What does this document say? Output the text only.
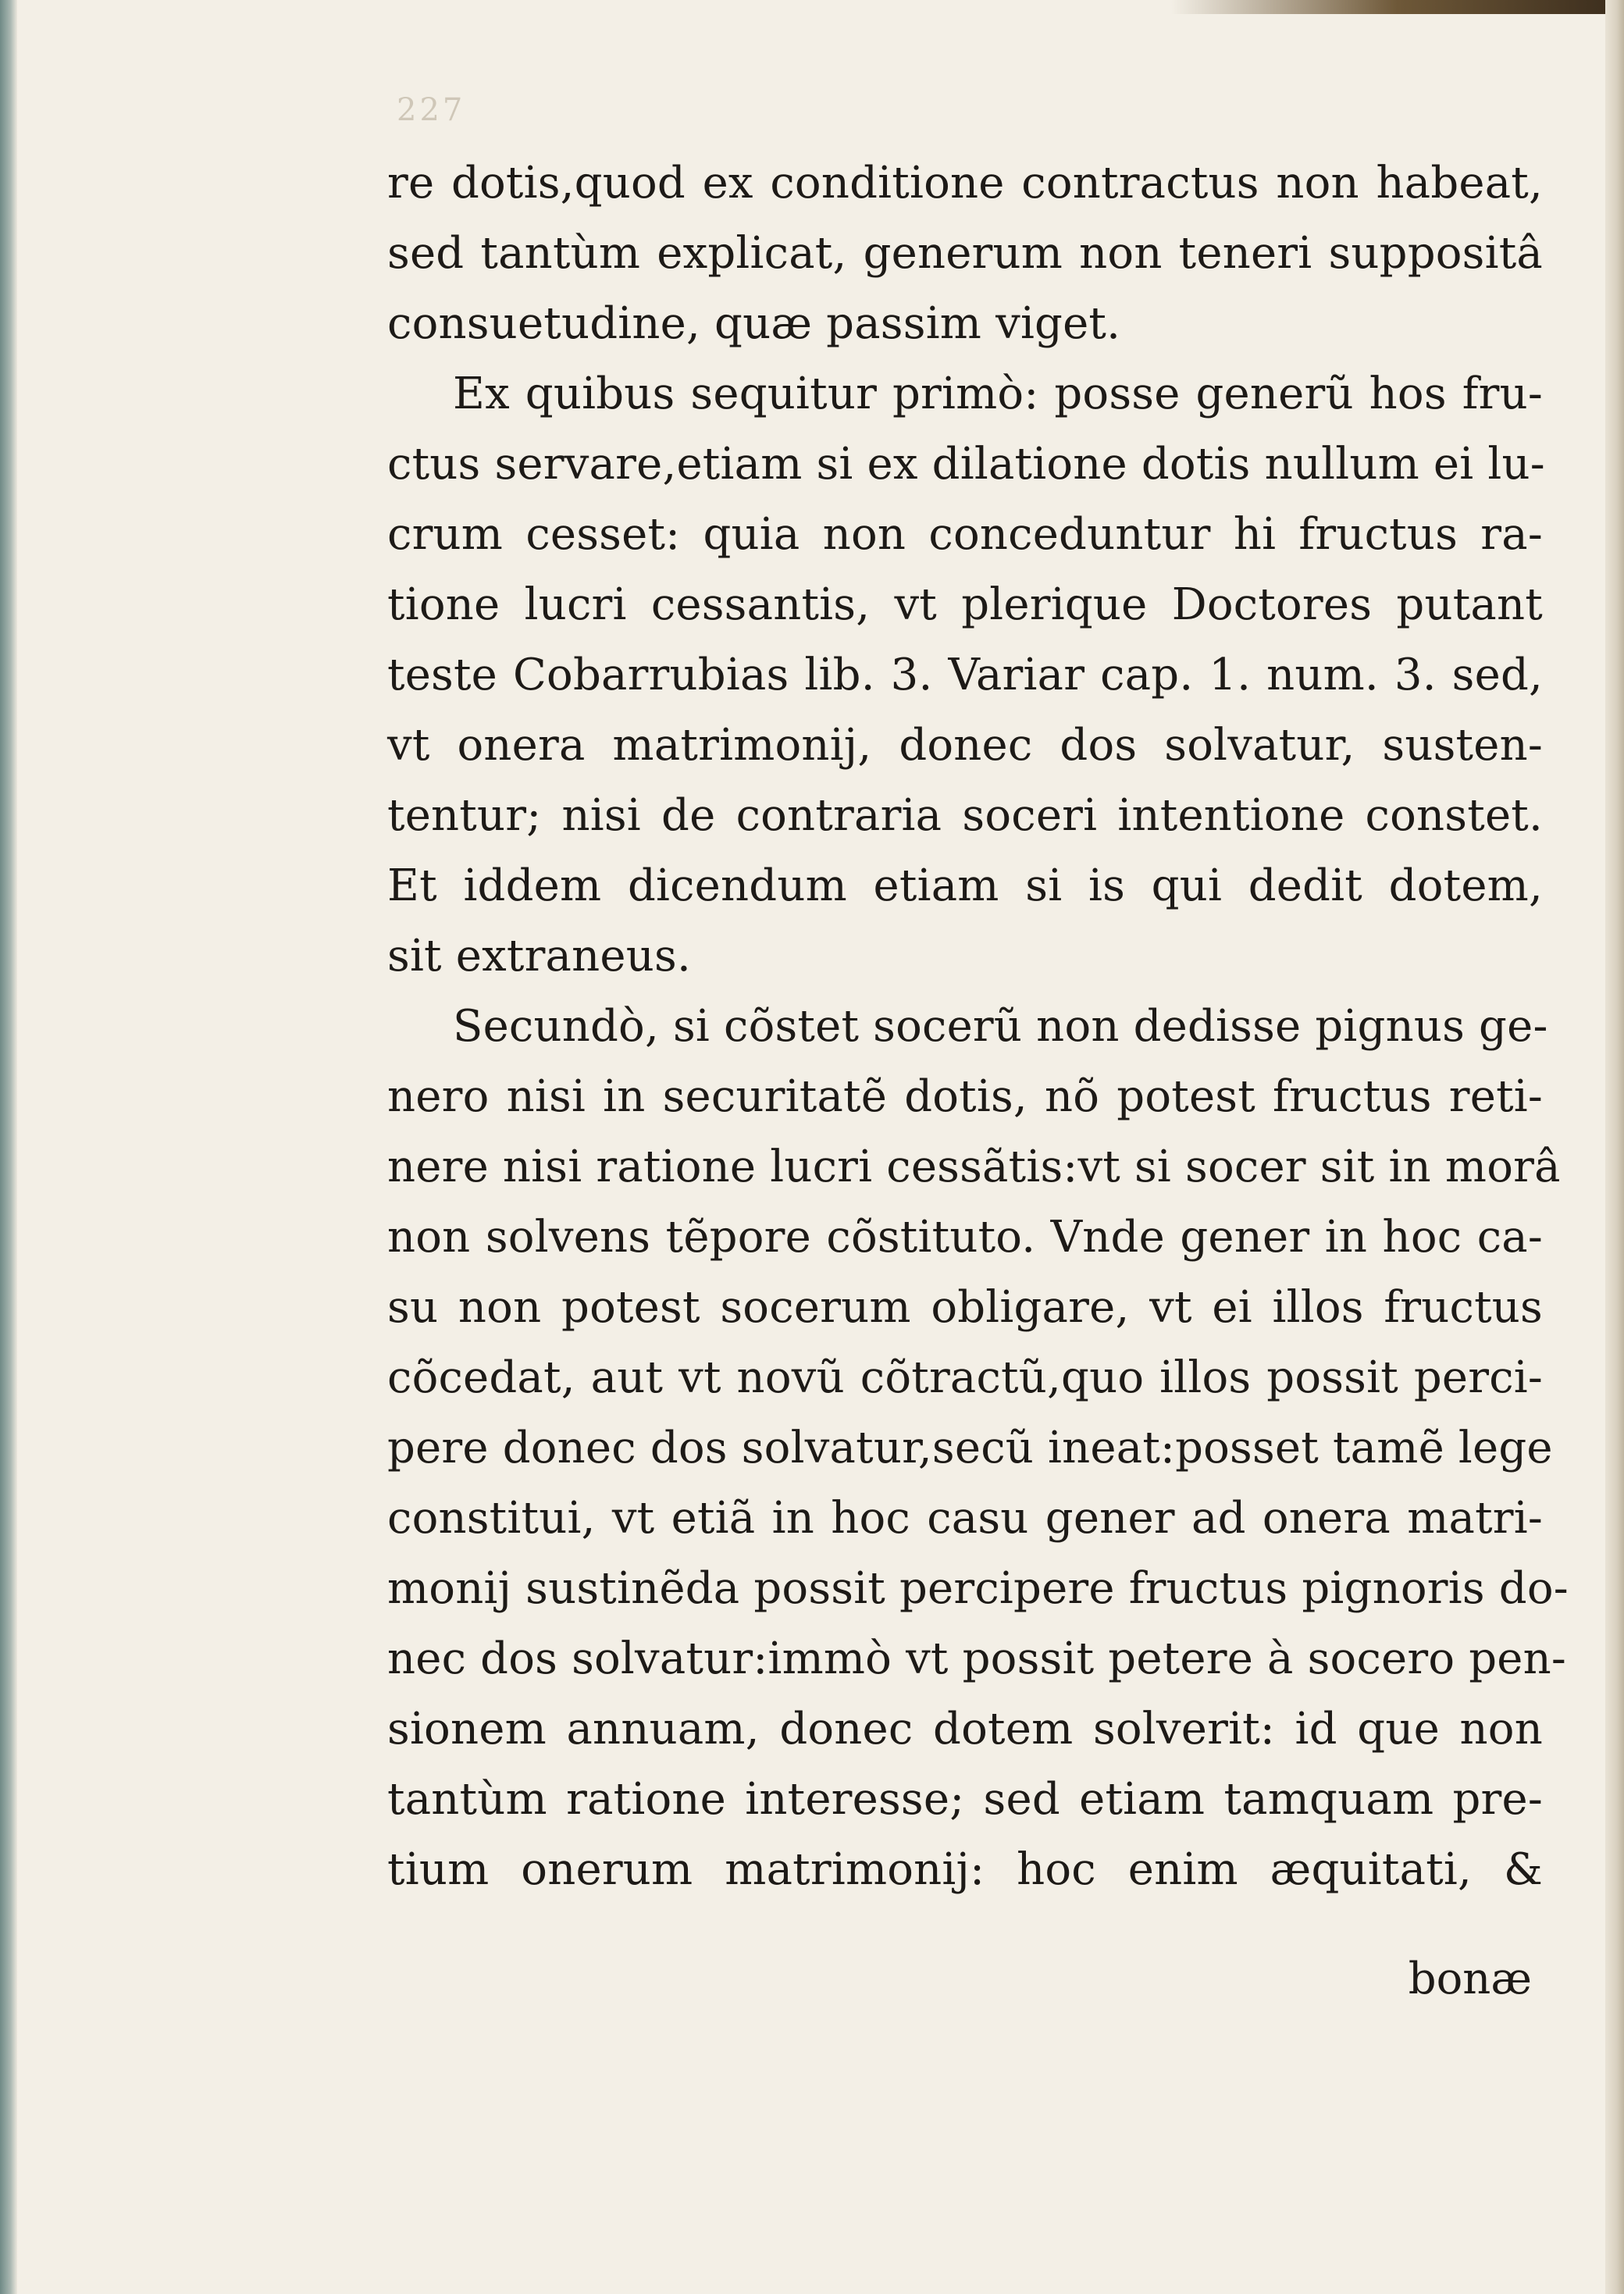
227
re dotis,quod ex conditione contractus non habeat,
sed tantùm explicat, generum non teneri suppositâ
consuetudine, quæ passim viget.
Ex quibus sequitur primò: posse generũ hos fru-
ctus servare,etiam si ex dilatione dotis nullum ei lu-
crum cesset: quia non conceduntur hi fructus ra-
tione lucri cessantis, vt plerique Doctores putant
teste Cobarrubias lib. 3. Variar cap. 1. num. 3. sed,
vt onera matrimonij, donec dos solvatur, susten-
tentur; nisi de contraria soceri intentione constet.
Et iddem dicendum etiam si is qui dedit dotem,
sit extraneus.
Secundò, si cõstet socerũ non dedisse pignus ge-
nero nisi in securitatẽ dotis, nõ potest fructus reti-
nere nisi ratione lucri cessãtis:vt si socer sit in morâ
non solvens tẽpore cõstituto. Vnde gener in hoc ca-
su non potest socerum obligare, vt ei illos fructus
cõcedat, aut vt novũ cõtractũ,quo illos possit perci-
pere donec dos solvatur,secũ ineat:posset tamẽ lege
constitui, vt etiã in hoc casu gener ad onera matri-
monij sustinẽda possit percipere fructus pignoris do-
nec dos solvatur:immò vt possit petere à socero pen-
sionem annuam, donec dotem solverit: id que non
tantùm ratione interesse; sed etiam tamquam pre-
tium onerum matrimonij: hoc enim æquitati, &
bonæ
